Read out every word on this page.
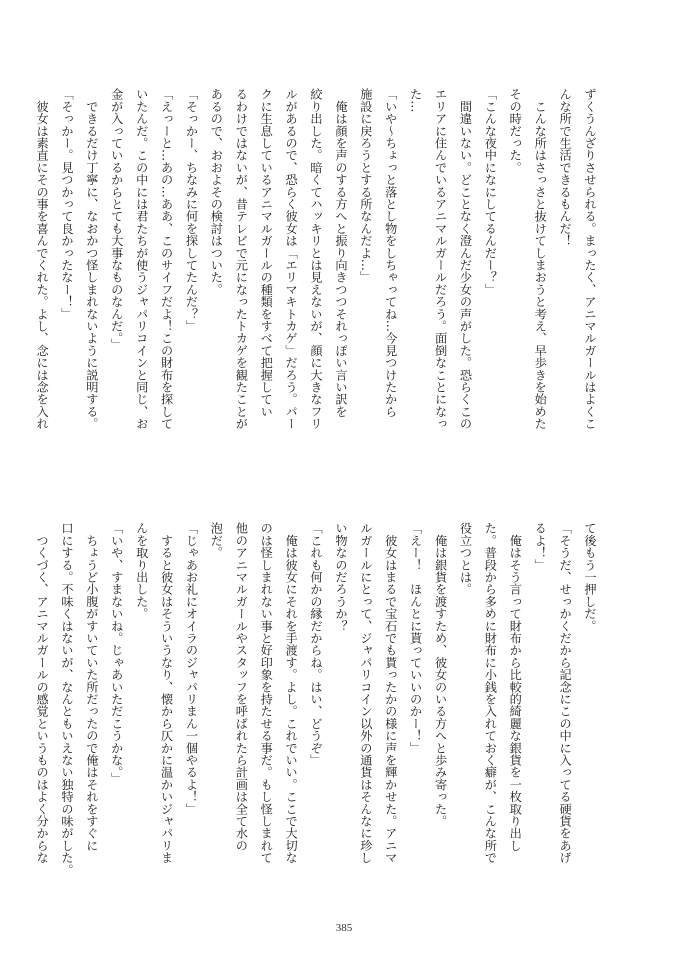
ずくうんざりさせられる。まったく、アニマルガールはよくこ
んな所で生活できるもんだ！
　こんな所はさっさと抜けてしまおうと考え、早歩きを始めた
その時だった。
「こんな夜中になにしてるんだー？」
　間違いない。どことなく澄んだ少女の声がした。恐らくこの
エリアに住んでいるアニマルガールだろう。面倒なことになっ
た…
「いや〜ちょっと落とし物をしちゃってね…今見つけたから
施設に戻ろうとする所なんだよ…」
　俺は顔を声のする方へと振り向きつつそれっぽい言い訳を
絞り出した。暗くてハッキリとは見えないが、顔に大きなフリ
ルがあるので、恐らく彼女は「エリマキトカゲ」だろう。パー
クに生息しているアニマルガールの種類をすべて把握してい
るわけではないが、昔テレビで元になったトカゲを観たことが
あるので、おおよその検討はついた。
「そっかー、ちなみに何を探してたんだ？」
「えっーと…あの…ああ、このサイフだよ！この財布を探して
いたんだ。この中には君たちが使うジャパリコインと同じ、お
金が入っているからとても大事なものなんだ。」
　できるだけ丁寧に、なおかつ怪しまれないように説明する。
「そっかー。見つかって良かったなー！」
　彼女は素直にその事を喜んでくれた。よし、念には念を入れ
て後もう一押しだ。
「そうだ、せっかくだから記念にこの中に入ってる硬貨をあげ
るよ！」
　俺はそう言って財布から比較的綺麗な銀貨を一枚取り出し
た。普段から多めに財布に小銭を入れておく癖が、こんな所で
役立つとは。
　俺は銀貨を渡すため、彼女のいる方へと歩み寄った。
「えー！　ほんとに貰っていいのかー！」
　彼女はまるで宝石でも貰ったかの様に声を輝かせた。アニマ
ルガールにとって、ジャパリコイン以外の通貨はそんなに珍し
い物なのだろうか？
「これも何かの縁だからね。はい、どうぞ」
　俺は彼女にそれを手渡す。よし。これでいい。ここで大切な
のは怪しまれない事と好印象を持たせる事だ。もし怪しまれて
他のアニマルガールやスタッフを呼ばれたら計画は全て水の
泡だ。
「じゃあお礼にオイラのジャパリまん一個やるよ！」
　すると彼女はそういうなり、懐から仄かに温かいジャパリま
んを取り出した。
「いや、すまないね。じゃあいただこうかな。」
　ちょうど小腹がすいていた所だったので俺はそれをすぐに
口にする。不味くはないが、なんともいえない独特の味がした。
　つくづく、アニマルガールの感覚というものはよく分からな
385
